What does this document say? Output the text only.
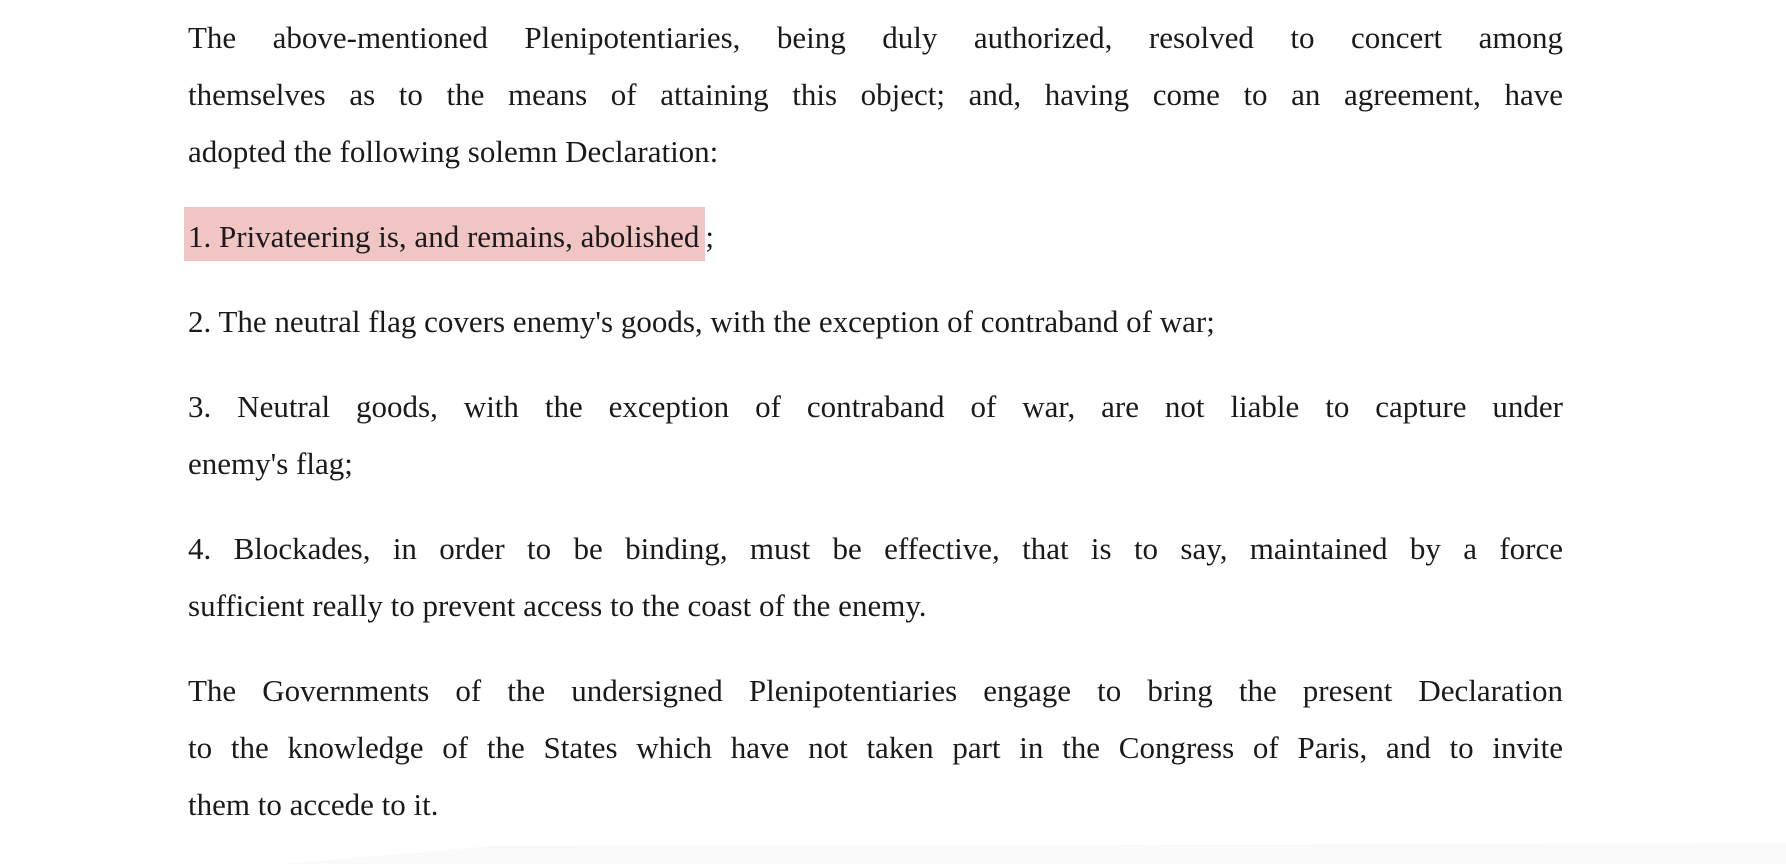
The above-mentioned Plenipotentiaries, being duly authorized, resolved to concert among
themselves as to the means of attaining this object; and, having come to an agreement, have
adopted the following solemn Declaration:
1. Privateering is, and remains, abolished ;
2. The neutral flag covers enemy's goods, with the exception of contraband of war;
3. Neutral goods, with the exception of contraband of war, are not liable to capture under
enemy's flag;
4. Blockades, in order to be binding, must be effective, that is to say, maintained by a force
sufficient really to prevent access to the coast of the enemy.
The Governments of the undersigned Plenipotentiaries engage to bring the present Declaration
to the knowledge of the States which have not taken part in the Congress of Paris, and to invite
them to accede to it.
